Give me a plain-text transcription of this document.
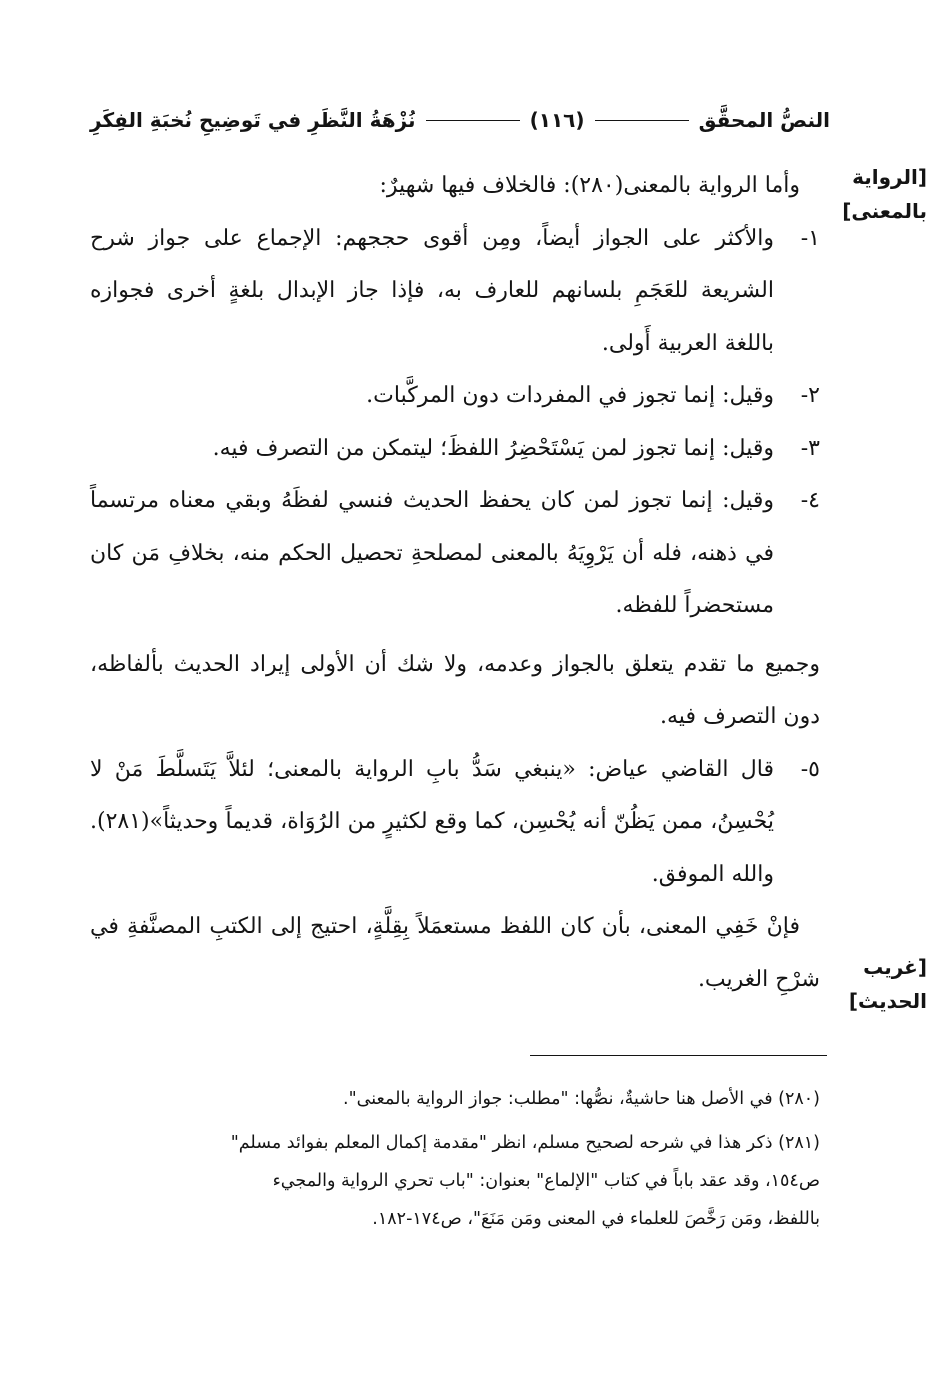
النصُّ المحقَّق
(١١٦)
نُزْهَةُ النَّظَرِ في تَوضِيحِ نُخبَةِ الفِكَرِ
[الرواية
بالمعنى]
[غريب
الحديث]

وأما الرواية بالمعنى(٢٨٠): فالخلاف فيها شهيرٌ:

١-
والأكثر على الجواز أيضاً، ومِن أقوى حججهم: الإجماع على جواز شرح الشريعة للعَجَمِ بلسانهم للعارف به، فإذا جاز الإبدال بلغةٍ أخرى فجوازه باللغة العربية أَولى.
٢-
وقيل: إنما تجوز في المفردات دون المركَّبات.
٣-
وقيل: إنما تجوز لمن يَسْتَحْضِرُ اللفظَ؛ ليتمكن من التصرف فيه.
٤-
وقيل: إنما تجوز لمن كان يحفظ الحديث فنسي لفظَهُ وبقي معناه مرتسماً في ذهنه، فله أن يَرْوِيَهُ بالمعنى لمصلحةِ تحصيل الحكم منه، بخلافِ مَن كان مستحضراً للفظه.

وجميع ما تقدم يتعلق بالجواز وعدمه، ولا شك أن الأولى إيراد الحديث بألفاظه، دون التصرف فيه.

٥-
قال القاضي عياض: «ينبغي سَدُّ بابِ الرواية بالمعنى؛ لئلاَّ يَتَسلَّطَ مَنْ لا يُحْسِنُ، ممن يَظُنّ أنه يُحْسِن، كما وقع لكثيرٍ من الرُوَاة، قديماً وحديثاً»(٢٨١). والله الموفق.

فإنْ خَفِي المعنى، بأن كان اللفظ مستعمَلاً بِقِلَّةٍ، احتيج إلى الكتبِ المصنَّفةِ في شرْحِ الغريب.

(٢٨٠) في الأصل هنا حاشيةٌ، نصُّها: "مطلب: جواز الرواية بالمعنى".
(٢٨١) ذكر هذا في شرحه لصحيح مسلم، انظر "مقدمة إكمال المعلم بفوائد مسلم"
ص١٥٤، وقد عقد باباً في كتاب "الإلماع" بعنوان: "باب تحري الرواية والمجيء
باللفظ، ومَن رَخَّصَ للعلماء في المعنى ومَن مَنَعَ"، ص١٧٤-١٨٢.
